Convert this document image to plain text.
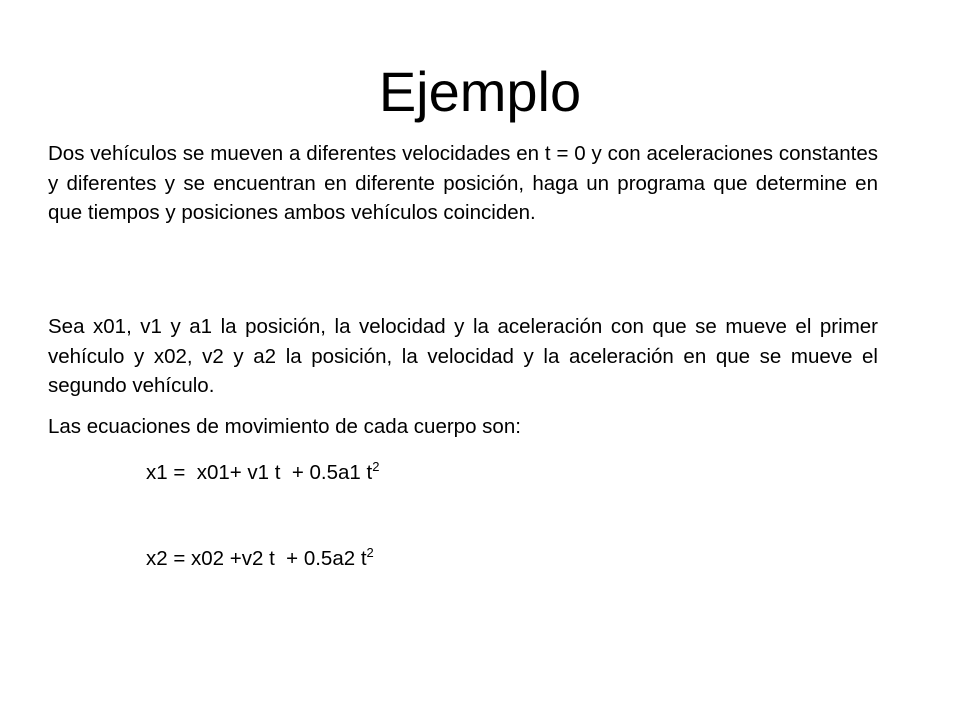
Ejemplo

Dos vehículos se mueven a diferentes velocidades en t = 0 y con aceleraciones constantes y diferentes y se encuentran en diferente posición, haga un programa que determine en que tiempos y posiciones ambos vehículos coinciden.

Sea x01, v1 y a1 la posición, la velocidad y la aceleración con que se mueve el primer vehículo y x02, v2 y a2 la posición, la velocidad y la aceleración en que se mueve el segundo vehículo.

Las ecuaciones de movimiento de cada cuerpo son:

x1 =  x01+ v1 t  + 0.5a1 $t^2$
x2 = x02 +v2 t  + 0.5a2 $t^2$
